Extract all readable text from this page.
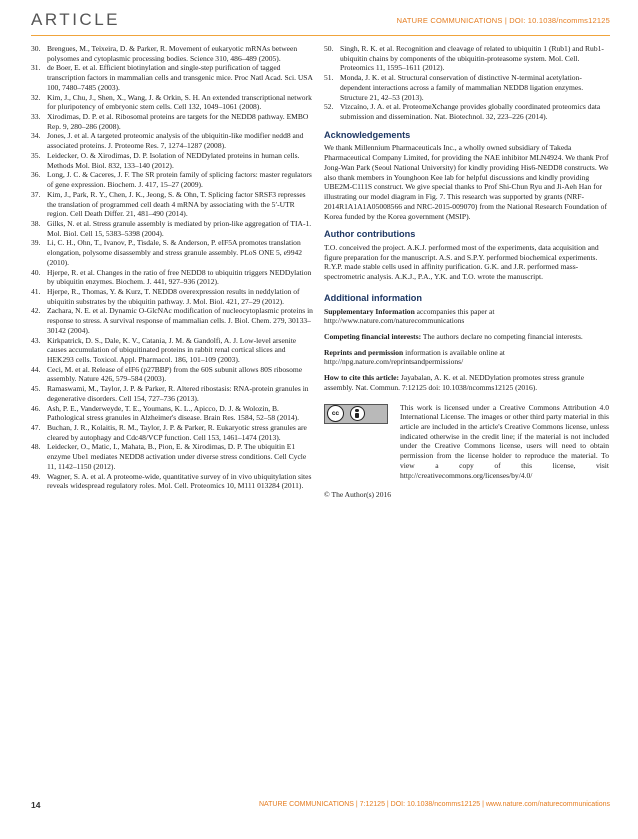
ARTICLE	NATURE COMMUNICATIONS | DOI: 10.1038/ncomms12125
30. Brengues, M., Teixeira, D. & Parker, R. Movement of eukaryotic mRNAs between polysomes and cytoplasmic processing bodies. Science 310, 486–489 (2005).
31. de Boer, E. et al. Efficient biotinylation and single-step purification of tagged transcription factors in mammalian cells and transgenic mice. Proc Natl Acad. Sci. USA 100, 7480–7485 (2003).
32. Kim, J., Chu, J., Shen, X., Wang, J. & Orkin, S. H. An extended transcriptional network for pluripotency of embryonic stem cells. Cell 132, 1049–1061 (2008).
33. Xirodimas, D. P. et al. Ribosomal proteins are targets for the NEDD8 pathway. EMBO Rep. 9, 280–286 (2008).
34. Jones, J. et al. A targeted proteomic analysis of the ubiquitin-like modifier nedd8 and associated proteins. J. Proteome Res. 7, 1274–1287 (2008).
35. Leidecker, O. & Xirodimas, D. P. Isolation of NEDDylated proteins in human cells. Methods Mol. Biol. 832, 133–140 (2012).
36. Long, J. C. & Caceres, J. F. The SR protein family of splicing factors: master regulators of gene expression. Biochem. J. 417, 15–27 (2009).
37. Kim, J., Park, R. Y., Chen, J. K., Jeong, S. & Ohn, T. Splicing factor SRSF3 represses the translation of programmed cell death 4 mRNA by associating with the 5′-UTR region. Cell Death Differ. 21, 481–490 (2014).
38. Gilks, N. et al. Stress granule assembly is mediated by prion-like aggregation of TIA-1. Mol. Biol. Cell 15, 5383–5398 (2004).
39. Li, C. H., Ohn, T., Ivanov, P., Tisdale, S. & Anderson, P. eIF5A promotes translation elongation, polysome disassembly and stress granule assembly. PLoS ONE 5, e9942 (2010).
40. Hjerpe, R. et al. Changes in the ratio of free NEDD8 to ubiquitin triggers NEDDylation by ubiquitin enzymes. Biochem. J. 441, 927–936 (2012).
41. Hjerpe, R., Thomas, Y. & Kurz, T. NEDD8 overexpression results in neddylation of ubiquitin substrates by the ubiquitin pathway. J. Mol. Biol. 421, 27–29 (2012).
42. Zachara, N. E. et al. Dynamic O-GlcNAc modification of nucleocytoplasmic proteins in response to stress. A survival response of mammalian cells. J. Biol. Chem. 279, 30133–30142 (2004).
43. Kirkpatrick, D. S., Dale, K. V., Catania, J. M. & Gandolfi, A. J. Low-level arsenite causes accumulation of ubiquitinated proteins in rabbit renal cortical slices and HEK293 cells. Toxicol. Appl. Pharmacol. 186, 101–109 (2003).
44. Ceci, M. et al. Release of eIF6 (p27BBP) from the 60S subunit allows 80S ribosome assembly. Nature 426, 579–584 (2003).
45. Ramaswami, M., Taylor, J. P. & Parker, R. Altered ribostasis: RNA-protein granules in degenerative disorders. Cell 154, 727–736 (2013).
46. Ash, P. E., Vanderweyde, T. E., Youmans, K. L., Apicco, D. J. & Wolozin, B. Pathological stress granules in Alzheimer's disease. Brain Res. 1584, 52–58 (2014).
47. Buchan, J. R., Kolaitis, R. M., Taylor, J. P. & Parker, R. Eukaryotic stress granules are cleared by autophagy and Cdc48/VCP function. Cell 153, 1461–1474 (2013).
48. Leidecker, O., Matic, I., Mahata, B., Pion, E. & Xirodimas, D. P. The ubiquitin E1 enzyme Ube1 mediates NEDD8 activation under diverse stress conditions. Cell Cycle 11, 1142–1150 (2012).
49. Wagner, S. A. et al. A proteome-wide, quantitative survey of in vivo ubiquitylation sites reveals widespread regulatory roles. Mol. Cell. Proteomics 10, M111 013284 (2011).
50. Singh, R. K. et al. Recognition and cleavage of related to ubiquitin 1 (Rub1) and Rub1-ubiquitin chains by components of the ubiquitin-proteasome system. Mol. Cell. Proteomics 11, 1595–1611 (2012).
51. Monda, J. K. et al. Structural conservation of distinctive N-terminal acetylation-dependent interactions across a family of mammalian NEDD8 ligation enzymes. Structure 21, 42–53 (2013).
52. Vizcaíno, J. A. et al. ProteomeXchange provides globally coordinated proteomics data submission and dissemination. Nat. Biotechnol. 32, 223–226 (2014).
Acknowledgements

We thank Millennium Pharmaceuticals Inc., a wholly owned subsidiary of Takeda Pharmaceutical Company Limited, for providing the NAE inhibitor MLN4924. We thank Prof Jong-Wan Park (Seoul National University) for kindly providing His6-NEDD8 constructs. We also thank members in Younghoon Kee lab for helpful discussions and kindly providing UBE2M-C111S construct. We give special thanks to Prof Shi-Chun Ryu and Ji-Aeh Han for illustrating our model diagram in Fig. 7. This research was supported by grants (NRF-2014R1A1A1A05008566 and NRC-2015-009070) from the National Research Foundation of Korea funded by the Korea government (MSIP).

Author contributions

T.O. conceived the project. A.K.J. performed most of the experiments, data acquisition and figure preparation for the manuscript. A.S. and S.P.Y. performed biochemical experiments. R.Y.P. made stable cells used in affinity purification. G.K. and J.R. performed mass-spectrometric analysis. A.K.J., P.A., Y.K. and T.O. wrote the manuscript.

Additional information

Supplementary Information accompanies this paper at http://www.nature.com/naturecommunications

Competing financial interests: The authors declare no competing financial interests.

Reprints and permission information is available online at http://npg.nature.com/reprintsandpermissions/

How to cite this article: Jayabalan, A. K. et al. NEDDylation promotes stress granule assembly. Nat. Commun. 7:12125 doi: 10.1038/ncomms12125 (2016).

cc
This work is licensed under a Creative Commons Attribution 4.0 International License. The images or other third party material in this article are included in the article's Creative Commons license, unless indicated otherwise in the credit line; if the material is not included under the Creative Commons license, users will need to obtain permission from the license holder to reproduce the material. To view a copy of this license, visit http://creativecommons.org/licenses/by/4.0/
© The Author(s) 2016
14	NATURE COMMUNICATIONS | 7:12125 | DOI: 10.1038/ncomms12125 | www.nature.com/naturecommunications
